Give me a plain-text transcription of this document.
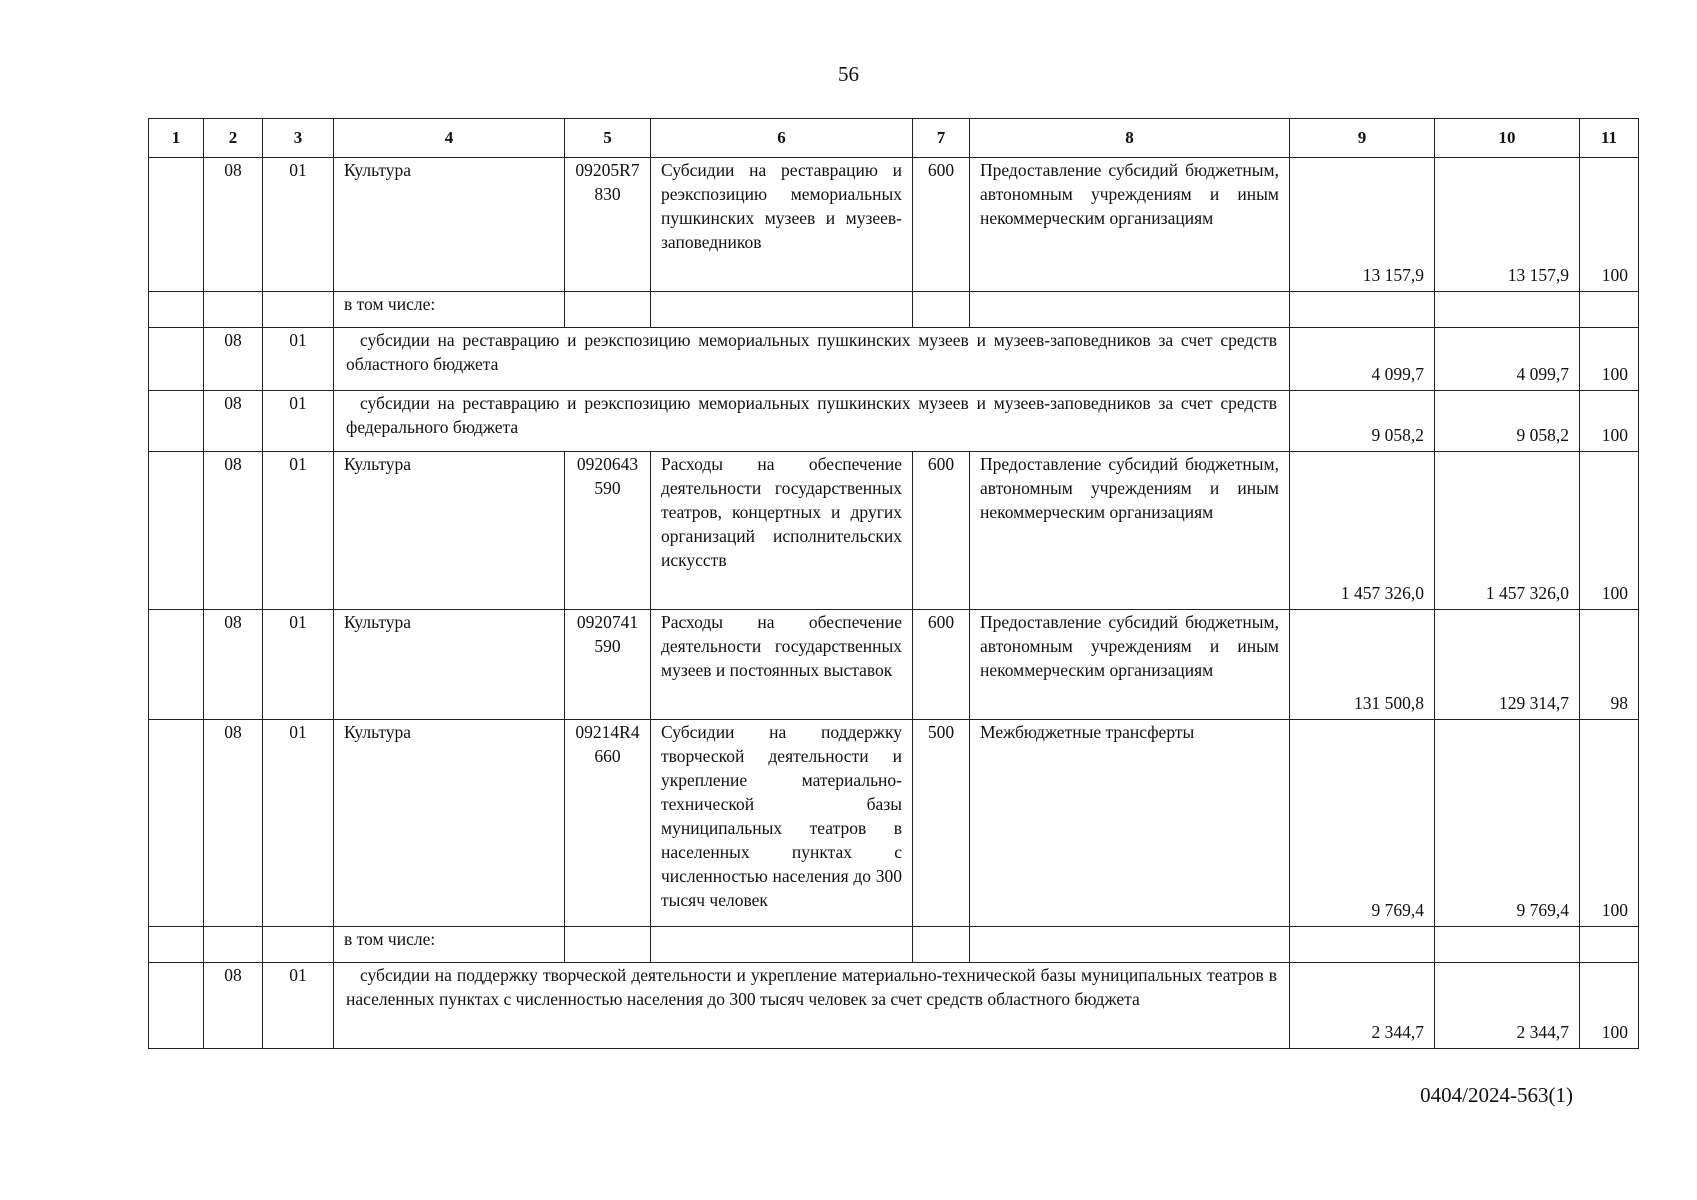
56
1	2	3	4	5	6	7	8	9	10	11
	08	01	Культура	09205R7830	Субсидии на реставрацию и реэкспозицию мемориальных пушкинских музеев и музеев-заповедников	600	Предоставление субсидий бюджетным, автономным учреждениям и иным некоммерческим организациям	13 157,9	13 157,9	100
			в том числе:							
	08	01	субсидии на реставрацию и реэкспозицию мемориальных пушкинских музеев и музеев-заповедников за счет средств областного бюджета					4 099,7	4 099,7	100
	08	01	субсидии на реставрацию и реэкспозицию мемориальных пушкинских музеев и музеев-заповедников за счет средств федерального бюджета					9 058,2	9 058,2	100
	08	01	Культура	0920643590	Расходы на обеспечение деятельности государственных театров, концертных и других организаций исполнительских искусств	600	Предоставление субсидий бюджетным, автономным учреждениям и иным некоммерческим организациям	1 457 326,0	1 457 326,0	100
	08	01	Культура	0920741590	Расходы на обеспечение деятельности государственных музеев и постоянных выставок	600	Предоставление субсидий бюджетным, автономным учреждениям и иным некоммерческим организациям	131 500,8	129 314,7	98
	08	01	Культура	09214R4660	Субсидии на поддержку творческой деятельности и укрепление материально-технической базы муниципальных театров в населенных пунктах с численностью населения до 300 тысяч человек	500	Межбюджетные трансферты	9 769,4	9 769,4	100
			в том числе:							
	08	01	субсидии на поддержку творческой деятельности и укрепление материально-технической базы муниципальных театров в населенных пунктах с численностью населения до 300 тысяч человек за счет средств областного бюджета					2 344,7	2 344,7	100
0404/2024-563(1)
